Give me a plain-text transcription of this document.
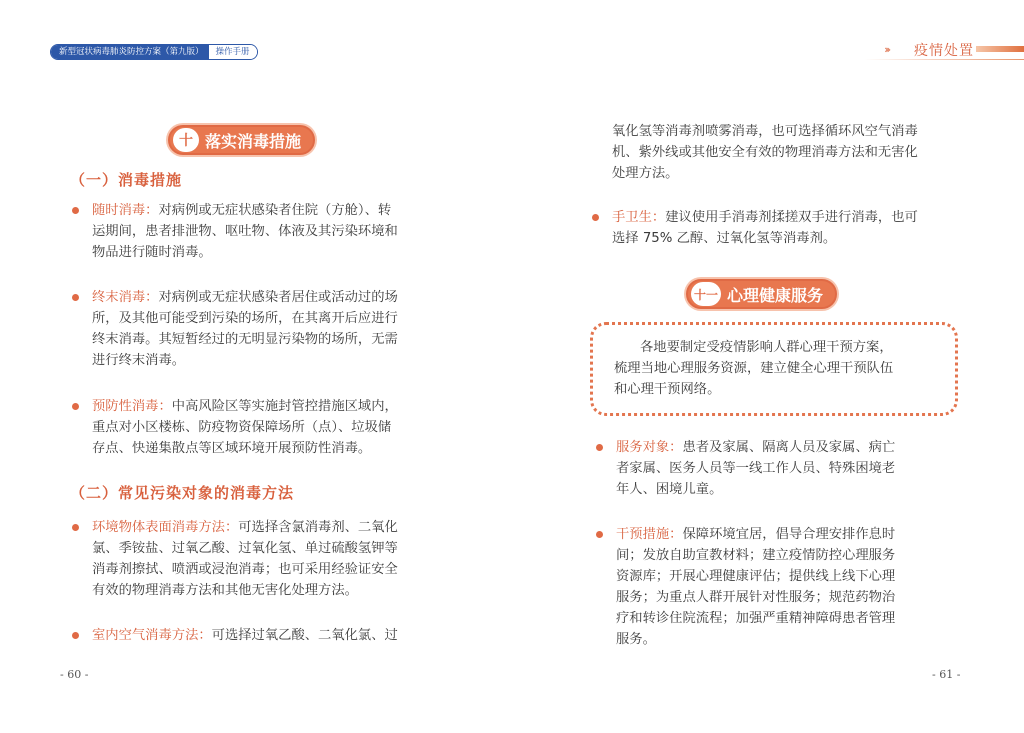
新型冠状病毒肺炎防控方案（第九版）	操作手册
十 落实消毒措施
（一）消毒措施
随时消毒：对病例或无症状感染者住院（方舱）、转
运期间，患者排泄物、呕吐物、体液及其污染环境和
物品进行随时消毒。
终末消毒：对病例或无症状感染者居住或活动过的场
所，及其他可能受到污染的场所，在其离开后应进行
终末消毒。其短暂经过的无明显污染物的场所，无需
进行终末消毒。
预防性消毒：中高风险区等实施封管控措施区域内，
重点对小区楼栋、防疫物资保障场所（点）、垃圾储
存点、快递集散点等区域环境开展预防性消毒。
（二）常见污染对象的消毒方法
环境物体表面消毒方法：可选择含氯消毒剂、二氧化
氯、季铵盐、过氧乙酸、过氧化氢、单过硫酸氢钾等
消毒剂擦拭、喷洒或浸泡消毒；也可采用经验证安全
有效的物理消毒方法和其他无害化处理方法。
室内空气消毒方法：可选择过氧乙酸、二氧化氯、过
- 60 -
››› 疫情处置
氧化氢等消毒剂喷雾消毒，也可选择循环风空气消毒
机、紫外线或其他安全有效的物理消毒方法和无害化
处理方法。
手卫生：建议使用手消毒剂揉搓双手进行消毒，也可
选择 75% 乙醇、过氧化氢等消毒剂。
十一 心理健康服务
各地要制定受疫情影响人群心理干预方案，
梳理当地心理服务资源，建立健全心理干预队伍
和心理干预网络。
服务对象：患者及家属、隔离人员及家属、病亡
者家属、医务人员等一线工作人员、特殊困境老
年人、困境儿童。
干预措施：保障环境宜居，倡导合理安排作息时
间；发放自助宣教材料；建立疫情防控心理服务
资源库；开展心理健康评估；提供线上线下心理
服务；为重点人群开展针对性服务；规范药物治
疗和转诊住院流程；加强严重精神障碍患者管理
服务。
- 61 -
